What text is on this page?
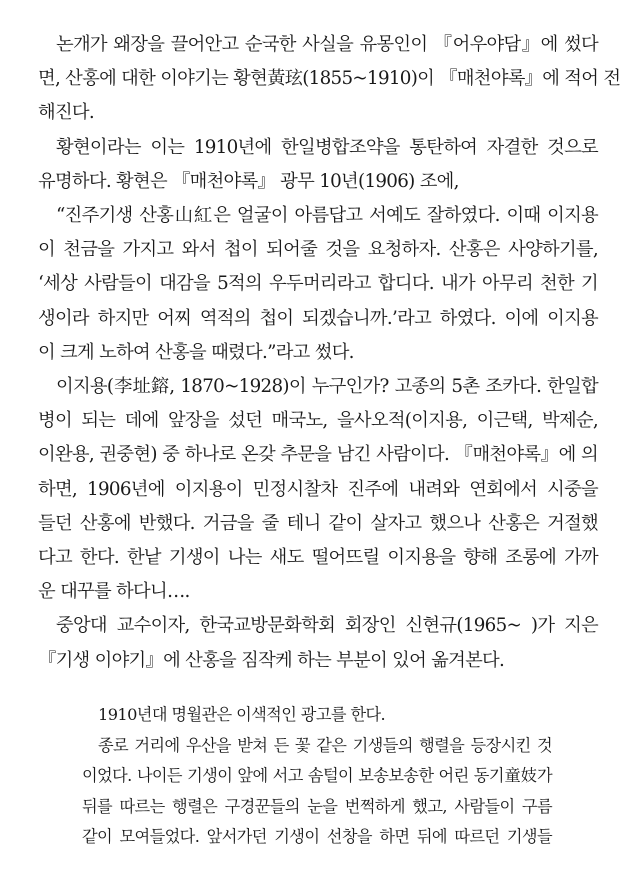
논개가 왜장을 끌어안고 순국한 사실을 유몽인이 『어우야담』에 썼다
면, 산홍에 대한 이야기는 황현黃玹(1855~1910)이 『매천야록』에 적어 전
해진다.
황현이라는 이는 1910년에 한일병합조약을 통탄하여 자결한 것으로
유명하다. 황현은 『매천야록』 광무 10년(1906) 조에,
“진주기생 산홍山紅은 얼굴이 아름답고 서예도 잘하였다. 이때 이지용
이 천금을 가지고 와서 첩이 되어줄 것을 요청하자. 산홍은 사양하기를,
‘세상 사람들이 대감을 5적의 우두머리라고 합디다. 내가 아무리 천한 기
생이라 하지만 어찌 역적의 첩이 되겠습니까.’라고 하였다. 이에 이지용
이 크게 노하여 산홍을 때렸다.”라고 썼다.
이지용(李址鎔, 1870~1928)이 누구인가? 고종의 5촌 조카다. 한일합
병이 되는 데에 앞장을 섰던 매국노, 을사오적(이지용, 이근택, 박제순,
이완용, 권중현) 중 하나로 온갖 추문을 남긴 사람이다. 『매천야록』에 의
하면, 1906년에 이지용이 민정시찰차 진주에 내려와 연회에서 시중을
들던 산홍에 반했다. 거금을 줄 테니 같이 살자고 했으나 산홍은 거절했
다고 한다. 한낱 기생이 나는 새도 떨어뜨릴 이지용을 향해 조롱에 가까
운 대꾸를 하다니….
중앙대 교수이자, 한국교방문화학회 회장인 신현규(1965~ )가 지은
『기생 이야기』에 산홍을 짐작케 하는 부분이 있어 옮겨본다.
1910년대 명월관은 이색적인 광고를 한다.
종로 거리에 우산을 받쳐 든 꽃 같은 기생들의 행렬을 등장시킨 것
이었다. 나이든 기생이 앞에 서고 솜털이 보송보송한 어린 동기童妓가
뒤를 따르는 행렬은 구경꾼들의 눈을 번쩍하게 했고, 사람들이 구름
같이 모여들었다. 앞서가던 기생이 선창을 하면 뒤에 따르던 기생들
